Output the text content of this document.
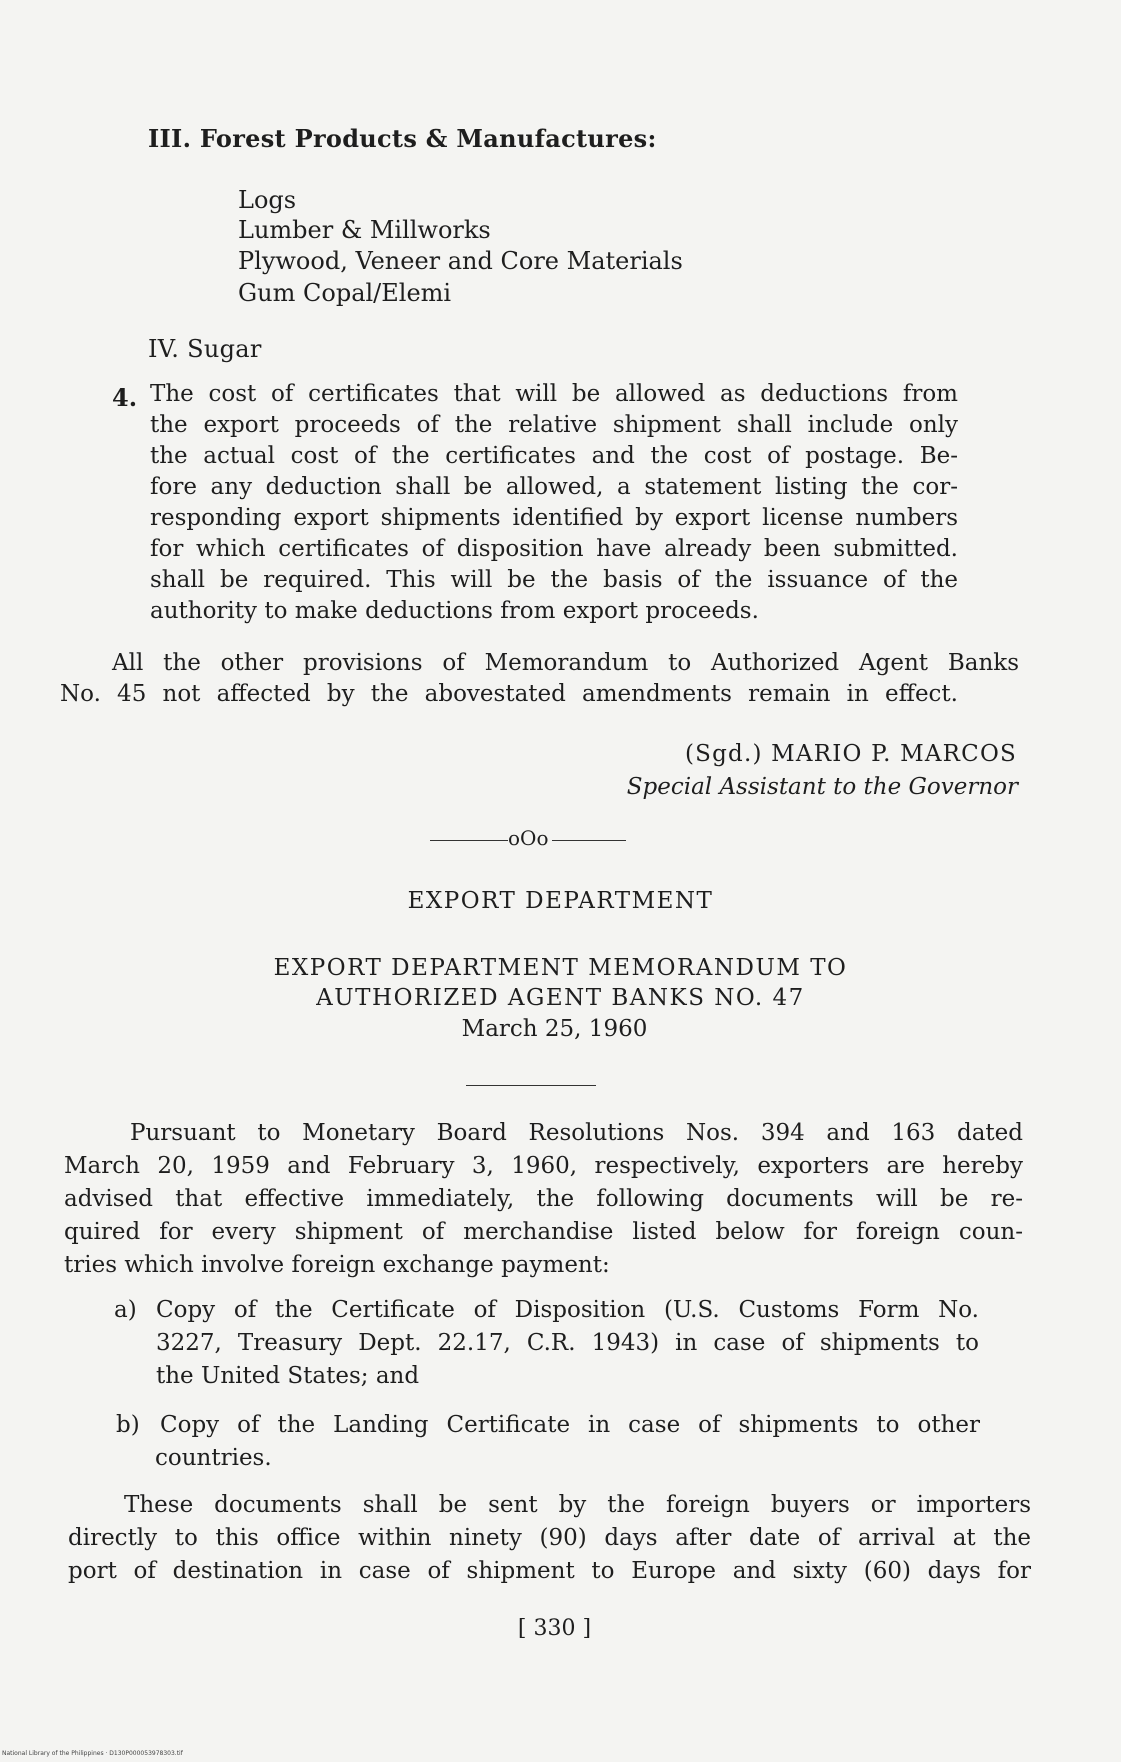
III. Forest Products & Manufactures:
Logs
Lumber & Millworks
Plywood, Veneer and Core Materials
Gum Copal/Elemi
IV. Sugar
4. The cost of certificates that will be allowed as deductions from
the export proceeds of the relative shipment shall include only
the actual cost of the certificates and the cost of postage. Be-
fore any deduction shall be allowed, a statement listing the cor-
responding export shipments identified by export license numbers
for which certificates of disposition have already been submitted.
shall be required. This will be the basis of the issuance of the
authority to make deductions from export proceeds.
All the other provisions of Memorandum to Authorized Agent Banks
No. 45 not affected by the abovestated amendments remain in effect.
(Sgd.) MARIO P. MARCOS
Special Assistant to the Governor
oOo
EXPORT DEPARTMENT
EXPORT DEPARTMENT MEMORANDUM TO
AUTHORIZED AGENT BANKS NO. 47
March 25, 1960
Pursuant to Monetary Board Resolutions Nos. 394 and 163 dated
March 20, 1959 and February 3, 1960, respectively, exporters are hereby
advised that effective immediately, the following documents will be re-
quired for every shipment of merchandise listed below for foreign coun-
tries which involve foreign exchange payment:
a) Copy of the Certificate of Disposition (U.S. Customs Form No.
3227, Treasury Dept. 22.17, C.R. 1943) in case of shipments to
the United States; and
b) Copy of the Landing Certificate in case of shipments to other
countries.
These documents shall be sent by the foreign buyers or importers
directly to this office within ninety (90) days after date of arrival at the
port of destination in case of shipment to Europe and sixty (60) days for
[ 330 ]
National Library of the Philippines · D130P000053978303.tif
